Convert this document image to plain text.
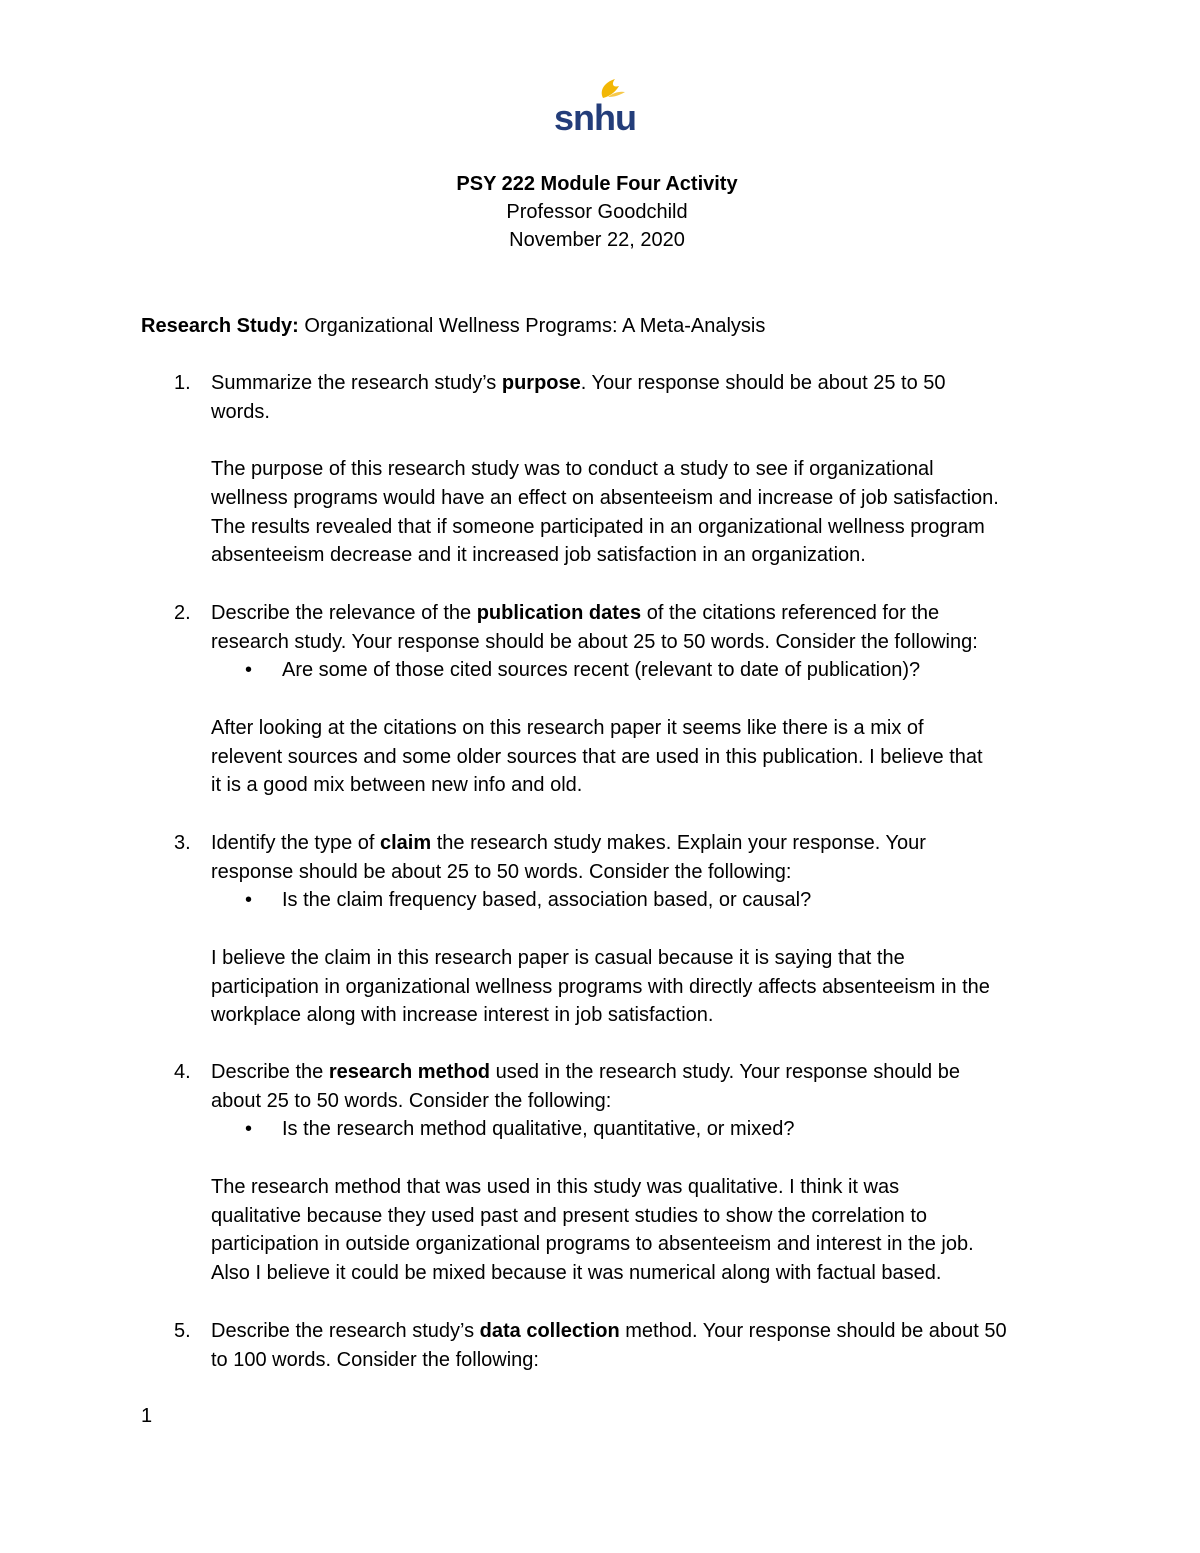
snhu
PSY 222 Module Four Activity
Professor Goodchild
November 22, 2020
Research Study: Organizational Wellness Programs: A Meta-Analysis
1. Summarize the research study’s purpose. Your response should be about 25 to 50
words.
The purpose of this research study was to conduct a study to see if organizational
wellness programs would have an effect on absenteeism and increase of job satisfaction.
The results revealed that if someone participated in an organizational wellness program
absenteeism decrease and it increased job satisfaction in an organization.
2. Describe the relevance of the publication dates of the citations referenced for the
research study. Your response should be about 25 to 50 words. Consider the following:
• Are some of those cited sources recent (relevant to date of publication)?
After looking at the citations on this research paper it seems like there is a mix of
relevent sources and some older sources that are used in this publication. I believe that
it is a good mix between new info and old.
3. Identify the type of claim the research study makes. Explain your response. Your
response should be about 25 to 50 words. Consider the following:
• Is the claim frequency based, association based, or causal?
I believe the claim in this research paper is casual because it is saying that the
participation in organizational wellness programs with directly affects absenteeism in the
workplace along with increase interest in job satisfaction.
4. Describe the research method used in the research study. Your response should be
about 25 to 50 words. Consider the following:
• Is the research method qualitative, quantitative, or mixed?
The research method that was used in this study was qualitative. I think it was
qualitative because they used past and present studies to show the correlation to
participation in outside organizational programs to absenteeism and interest in the job.
Also I believe it could be mixed because it was numerical along with factual based.
5. Describe the research study’s data collection method. Your response should be about 50
to 100 words. Consider the following:
1
